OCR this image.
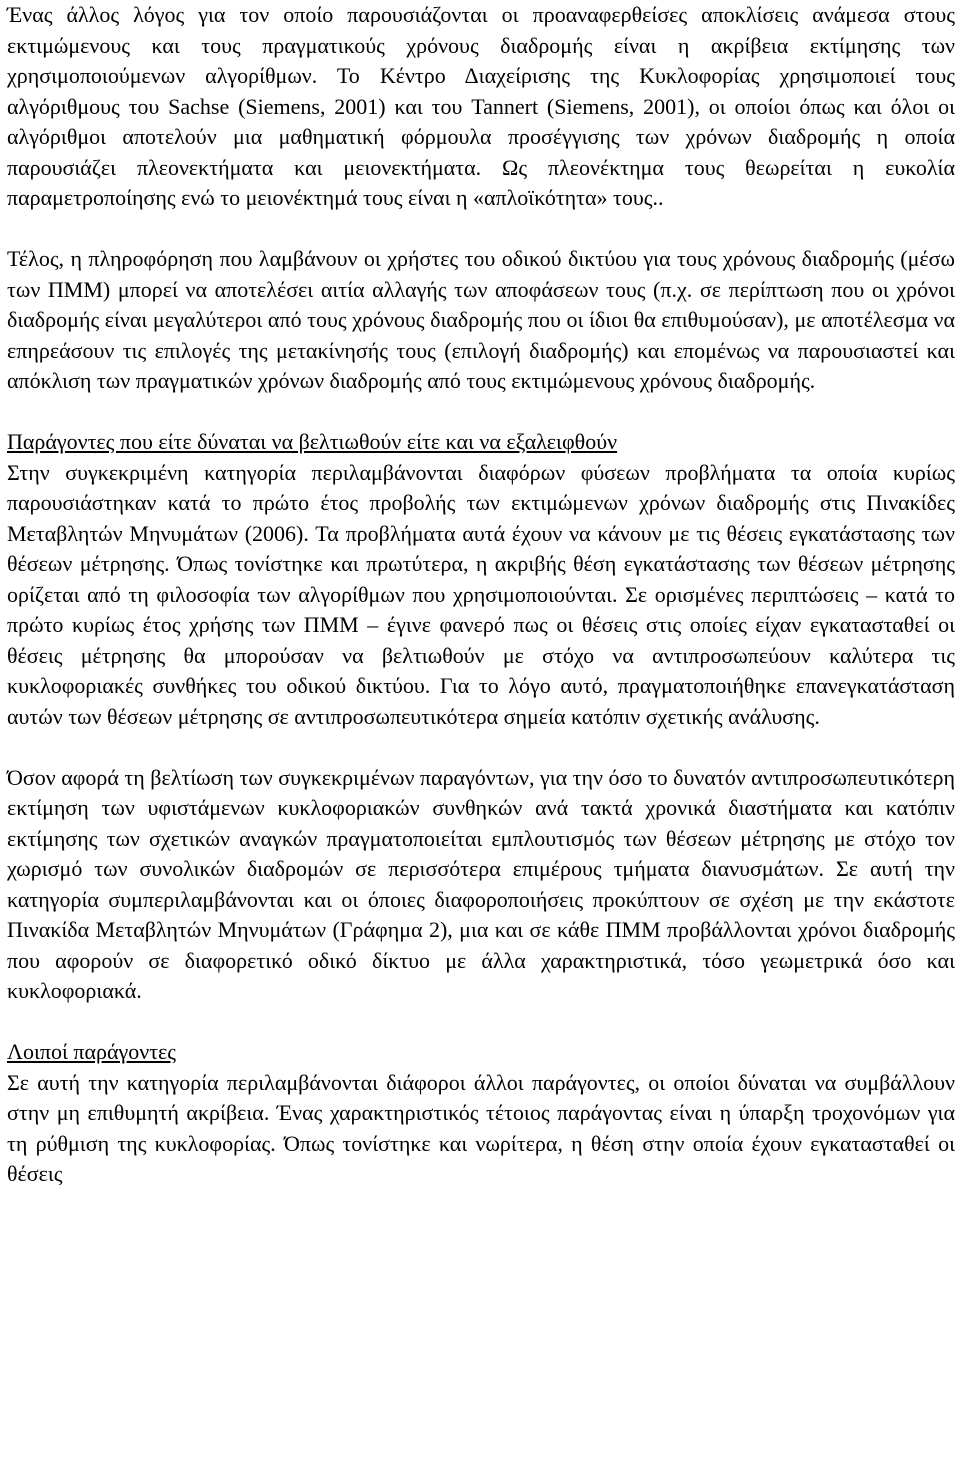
Ένας άλλος λόγος για τον οποίο παρουσιάζονται οι προαναφερθείσες αποκλίσεις ανάμεσα στους εκτιμώμενους και τους πραγματικούς χρόνους διαδρομής είναι η ακρίβεια εκτίμησης των χρησιμοποιούμενων αλγορίθμων. Το Κέντρο Διαχείρισης της Κυκλοφορίας χρησιμοποιεί τους αλγόριθμους του Sachse (Siemens, 2001) και του Tannert (Siemens, 2001), οι οποίοι όπως και όλοι οι αλγόριθμοι αποτελούν μια μαθηματική φόρμουλα προσέγγισης των χρόνων διαδρομής η οποία παρουσιάζει πλεονεκτήματα και μειονεκτήματα. Ως πλεονέκτημα τους θεωρείται η ευκολία παραμετροποίησης ενώ το μειονέκτημά τους είναι η «απλοϊκότητα» τους..

Τέλος, η πληροφόρηση που λαμβάνουν οι χρήστες του οδικού δικτύου για τους χρόνους διαδρομής (μέσω των ΠΜΜ) μπορεί να αποτελέσει αιτία αλλαγής των αποφάσεων τους (π.χ. σε περίπτωση που οι χρόνοι διαδρομής είναι μεγαλύτεροι από τους χρόνους διαδρομής που οι ίδιοι θα επιθυμούσαν), με αποτέλεσμα να επηρεάσουν τις επιλογές της μετακίνησής τους (επιλογή διαδρομής) και επομένως να παρουσιαστεί και απόκλιση των πραγματικών χρόνων διαδρομής από τους εκτιμώμενους χρόνους διαδρομής.

Παράγοντες που είτε δύναται να βελτιωθούν είτε και να εξαλειφθούν

Στην συγκεκριμένη κατηγορία περιλαμβάνονται διαφόρων φύσεων προβλήματα τα οποία κυρίως παρουσιάστηκαν κατά το πρώτο έτος προβολής των εκτιμώμενων χρόνων διαδρομής στις Πινακίδες Μεταβλητών Μηνυμάτων (2006). Τα προβλήματα αυτά έχουν να κάνουν με τις θέσεις εγκατάστασης των θέσεων μέτρησης. Όπως τονίστηκε και πρωτύτερα, η ακριβής θέση εγκατάστασης των θέσεων μέτρησης ορίζεται από τη φιλοσοφία των αλγορίθμων που χρησιμοποιούνται. Σε ορισμένες περιπτώσεις – κατά το πρώτο κυρίως έτος χρήσης των ΠΜΜ – έγινε φανερό πως οι θέσεις στις οποίες είχαν εγκατασταθεί οι θέσεις μέτρησης θα μπορούσαν να βελτιωθούν με στόχο να αντιπροσωπεύουν καλύτερα τις κυκλοφοριακές συνθήκες του οδικού δικτύου. Για το λόγο αυτό, πραγματοποιήθηκε επανεγκατάσταση αυτών των θέσεων μέτρησης σε αντιπροσωπευτικότερα σημεία κατόπιν σχετικής ανάλυσης.

Όσον αφορά τη βελτίωση των συγκεκριμένων παραγόντων, για την όσο το δυνατόν αντιπροσωπευτικότερη εκτίμηση των υφιστάμενων κυκλοφοριακών συνθηκών ανά τακτά χρονικά διαστήματα και κατόπιν εκτίμησης των σχετικών αναγκών πραγματοποιείται εμπλουτισμός των θέσεων μέτρησης με στόχο τον χωρισμό των συνολικών διαδρομών σε περισσότερα επιμέρους τμήματα διανυσμάτων. Σε αυτή την κατηγορία συμπεριλαμβάνονται και οι όποιες διαφοροποιήσεις προκύπτουν σε σχέση με την εκάστοτε Πινακίδα Μεταβλητών Μηνυμάτων (Γράφημα 2), μια και σε κάθε ΠΜΜ προβάλλονται χρόνοι διαδρομής που αφορούν σε διαφορετικό οδικό δίκτυο με άλλα χαρακτηριστικά, τόσο γεωμετρικά όσο και κυκλοφοριακά.

Λοιποί παράγοντες

Σε αυτή την κατηγορία περιλαμβάνονται διάφοροι άλλοι παράγοντες, οι οποίοι δύναται να συμβάλλουν στην μη επιθυμητή ακρίβεια. Ένας χαρακτηριστικός τέτοιος παράγοντας είναι η ύπαρξη τροχονόμων για τη ρύθμιση της κυκλοφορίας. Όπως τονίστηκε και νωρίτερα, η θέση στην οποία έχουν εγκατασταθεί οι θέσεις
